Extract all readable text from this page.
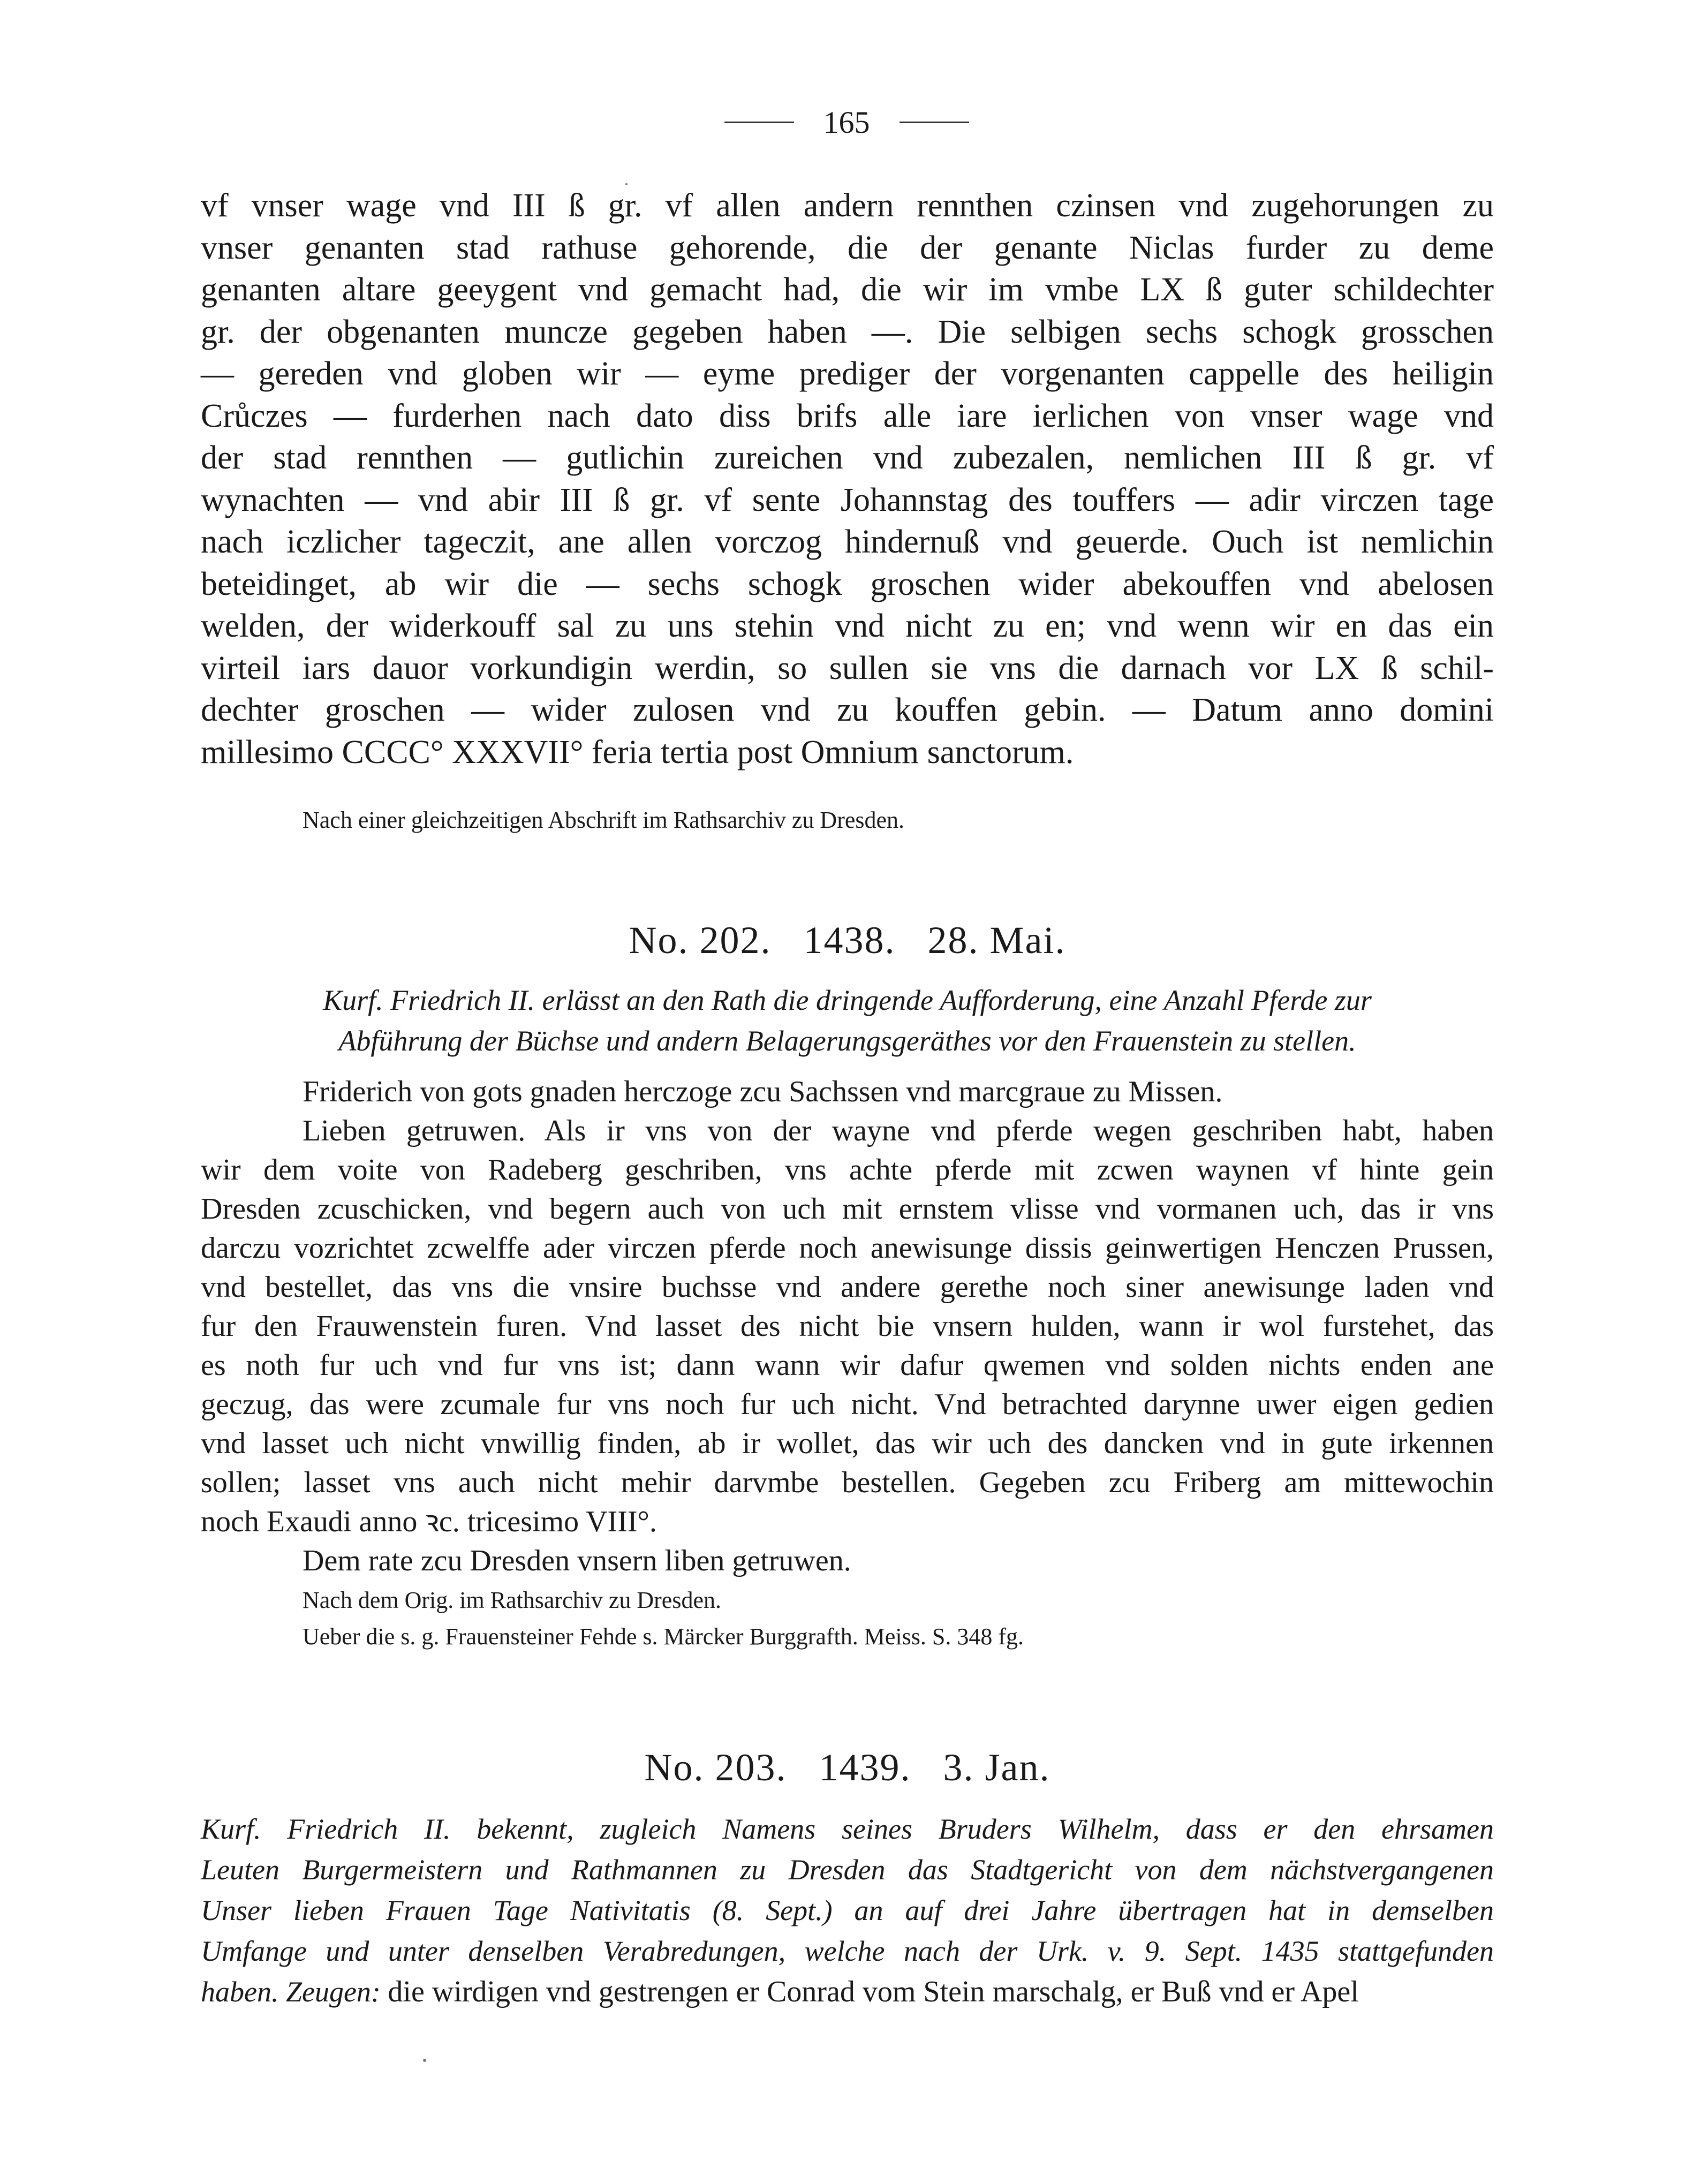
165
vf vnser wage vnd III ß gr. vf allen andern rennthen czinsen vnd zugehorungen zu
vnser genanten stad rathuse gehorende, die der genante Niclas furder zu deme
genanten altare geeygent vnd gemacht had, die wir im vmbe LX ß guter schildechter
gr. der obgenanten muncze gegeben haben —. Die selbigen sechs schogk grosschen
— gereden vnd globen wir — eyme prediger der vorgenanten cappelle des heiligin
Crůczes — furderhen nach dato diss brifs alle iare ierlichen von vnser wage vnd
der stad rennthen — gutlichin zureichen vnd zubezalen, nemlichen III ß gr. vf
wynachten — vnd abir III ß gr. vf sente Johannstag des touffers — adir virczen tage
nach iczlicher tageczit, ane allen vorczog hindernuß vnd geuerde. Ouch ist nemlichin
beteidinget, ab wir die — sechs schogk groschen wider abekouffen vnd abelosen
welden, der widerkouff sal zu uns stehin vnd nicht zu en; vnd wenn wir en das ein
virteil iars dauor vorkundigin werdin, so sullen sie vns die darnach vor LX ß schil-
dechter groschen — wider zulosen vnd zu kouffen gebin. — Datum anno domini
millesimo CCCC° XXXVII° feria tertia post Omnium sanctorum.

Nach einer gleichzeitigen Abschrift im Rathsarchiv zu Dresden.

No. 202.   1438.   28. Mai.

Kurf. Friedrich II. erlässt an den Rath die dringende Aufforderung, eine Anzahl Pferde zur
Abführung der Büchse und andern Belagerungsgeräthes vor den Frauenstein zu stellen.

Friderich von gots gnaden herczoge zcu Sachssen vnd marcgraue zu Missen.

Lieben getruwen. Als ir vns von der wayne vnd pferde wegen geschriben habt, haben
wir dem voite von Radeberg geschriben, vns achte pferde mit zcwen waynen vf hinte gein
Dresden zcuschicken, vnd begern auch von uch mit ernstem vlisse vnd vormanen uch, das ir vns
darczu vozrichtet zcwelffe ader virczen pferde noch anewisunge dissis geinwertigen Henczen Prussen,
vnd bestellet, das vns die vnsire buchsse vnd andere gerethe noch siner anewisunge laden vnd
fur den Frauwenstein furen. Vnd lasset des nicht bie vnsern hulden, wann ir wol furstehet, das
es noth fur uch vnd fur vns ist; dann wann wir dafur qwemen vnd solden nichts enden ane
geczug, das were zcumale fur vns noch fur uch nicht. Vnd betrachted darynne uwer eigen gedien
vnd lasset uch nicht vnwillig finden, ab ir wollet, das wir uch des dancken vnd in gute irkennen
sollen; lasset vns auch nicht mehir darvmbe bestellen. Gegeben zcu Friberg am mittewochin
noch Exaudi anno ꝛc. tricesimo VIII°.

Dem rate zcu Dresden vnsern liben getruwen.

Nach dem Orig. im Rathsarchiv zu Dresden.

Ueber die s. g. Frauensteiner Fehde s. Märcker Burggrafth. Meiss. S. 348 fg.

No. 203.   1439.   3. Jan.

Kurf. Friedrich II. bekennt, zugleich Namens seines Bruders Wilhelm, dass er den ehrsamen
Leuten Burgermeistern und Rathmannen zu Dresden das Stadtgericht von dem nächstvergangenen
Unser lieben Frauen Tage Nativitatis (8. Sept.) an auf drei Jahre übertragen hat in demselben
Umfange und unter denselben Verabredungen, welche nach der Urk. v. 9. Sept. 1435 stattgefunden
haben. Zeugen: die wirdigen vnd gestrengen er Conrad vom Stein marschalg, er Buß vnd er Apel
